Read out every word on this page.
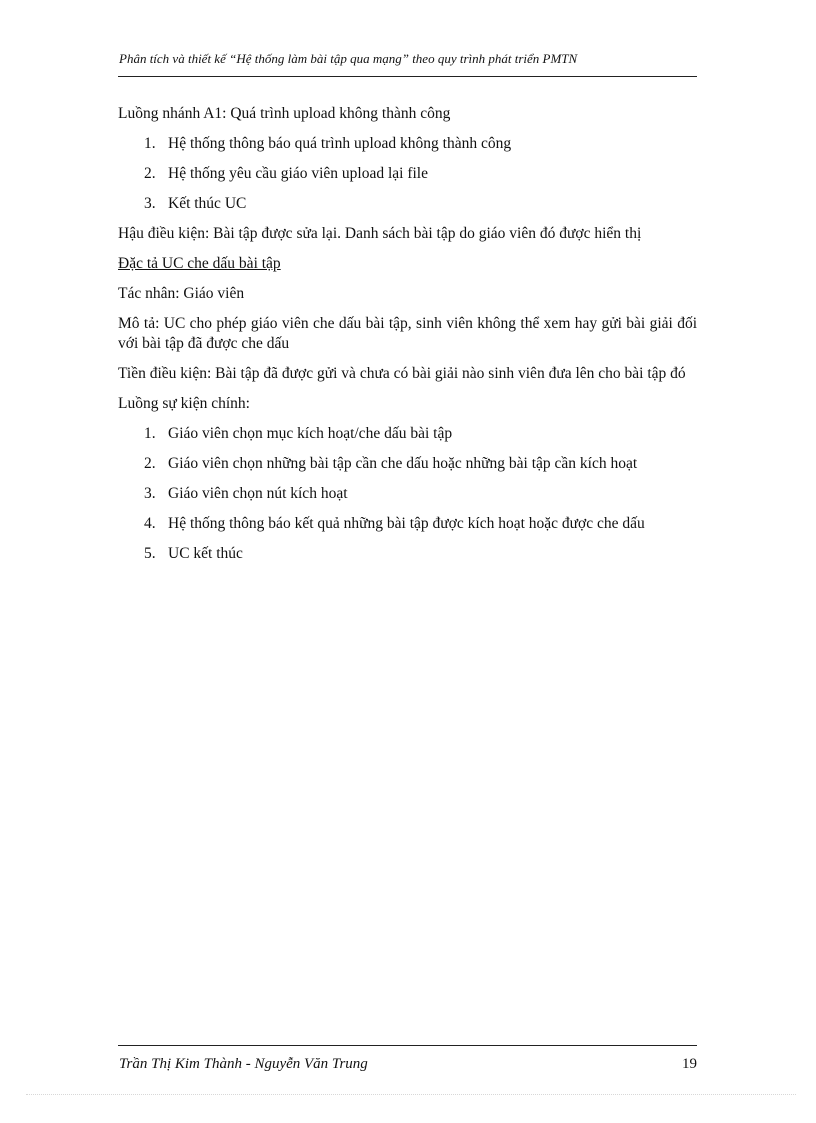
Phân tích và thiết kế “Hệ thống làm bài tập qua mạng” theo quy trình phát triển PMTN

Luồng nhánh A1: Quá trình upload không thành công

1. Hệ thống thông báo quá trình upload không thành công
2. Hệ thống yêu cầu giáo viên upload lại file
3. Kết thúc UC

Hậu điều kiện: Bài tập được sửa lại. Danh sách bài tập do giáo viên đó được hiển thị

Đặc tả UC che dấu bài tập

Tác nhân: Giáo viên

Mô tả: UC cho phép giáo viên che dấu bài tập, sinh viên không thể xem hay gửi bài giải đối với bài tập đã được che dấu

Tiền điều kiện: Bài tập đã được gửi và chưa có bài giải nào sinh viên đưa lên cho bài tập đó

Luồng sự kiện chính:

1. Giáo viên chọn mục kích hoạt/che dấu bài tập
2. Giáo viên chọn những bài tập cần che dấu hoặc những bài tập cần kích hoạt
3. Giáo viên chọn nút kích hoạt
4. Hệ thống thông báo kết quả những bài tập được kích hoạt hoặc được che dấu
5. UC kết thúc
Trần Thị Kim Thành - Nguyễn Văn Trung	19
